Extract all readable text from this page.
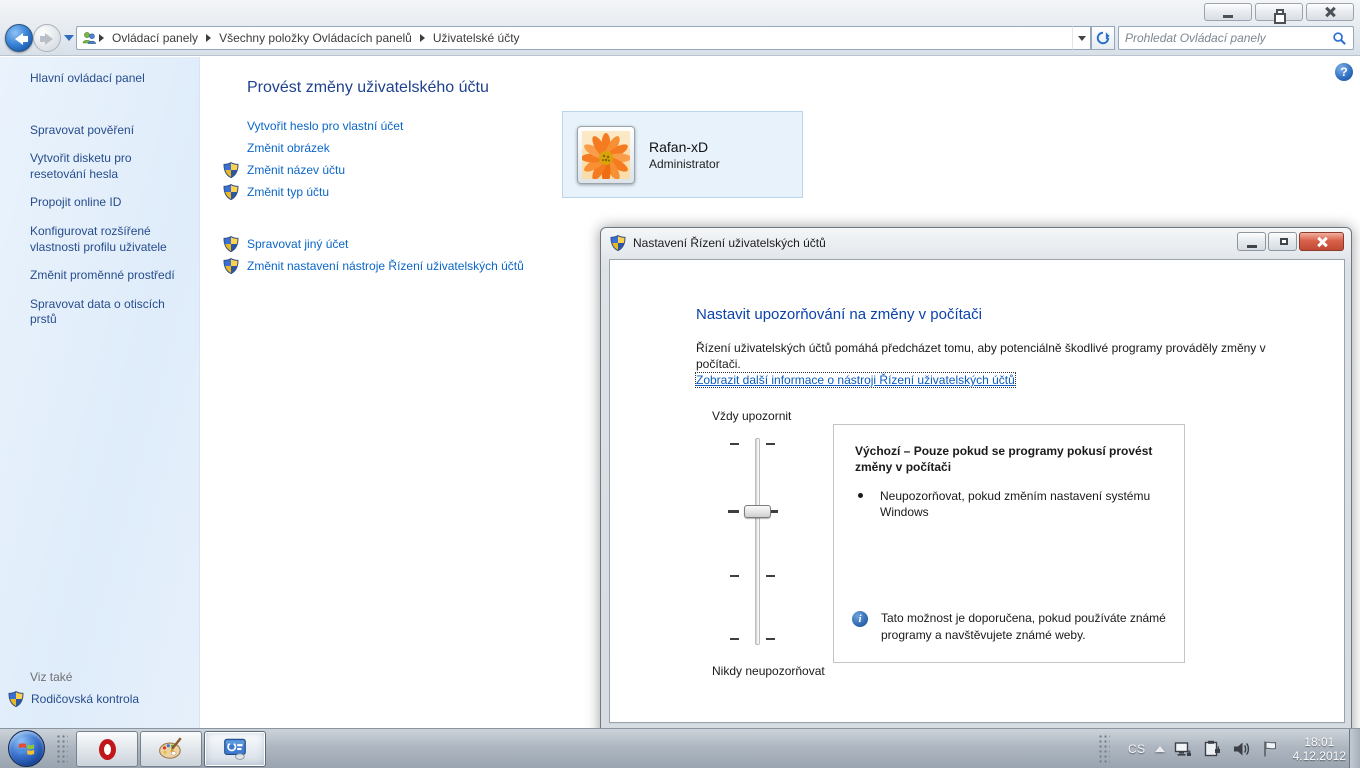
Ovládací panely	Všechny položky Ovládacích panelů	Uživatelské účty
Prohledat Ovládací panely
Hlavní ovládací panel
Spravovat pověření
Vytvořit disketu pro resetování hesla
Propojit online ID
Konfigurovat rozšířené vlastnosti profilu uživatele
Změnit proměnné prostředí
Spravovat data o otiscích prstů
Viz také
Rodičovská kontrola
Provést změny uživatelského účtu
Vytvořit heslo pro vlastní účet
Změnit obrázek
Změnit název účtu
Změnit typ účtu
Spravovat jiný účet
Změnit nastavení nástroje Řízení uživatelských účtů
Rafan-xD
Administrator
?
Nastavení Řízení uživatelských účtů
Nastavit upozorňování na změny v počítači
Řízení uživatelských účtů pomáhá předcházet tomu, aby potenciálně škodlivé programy prováděly změny v počítači.
Zobrazit další informace o nástroji Řízení uživatelských účtů
Vždy upozornit
Nikdy neupozorňovat
Výchozí – Pouze pokud se programy pokusí provést změny v počítači
Neupozorňovat, pokud změním nastavení systému Windows
i	Tato možnost je doporučena, pokud používáte známé programy a navštěvujete známé weby.
CS	18:01
4.12.2012
